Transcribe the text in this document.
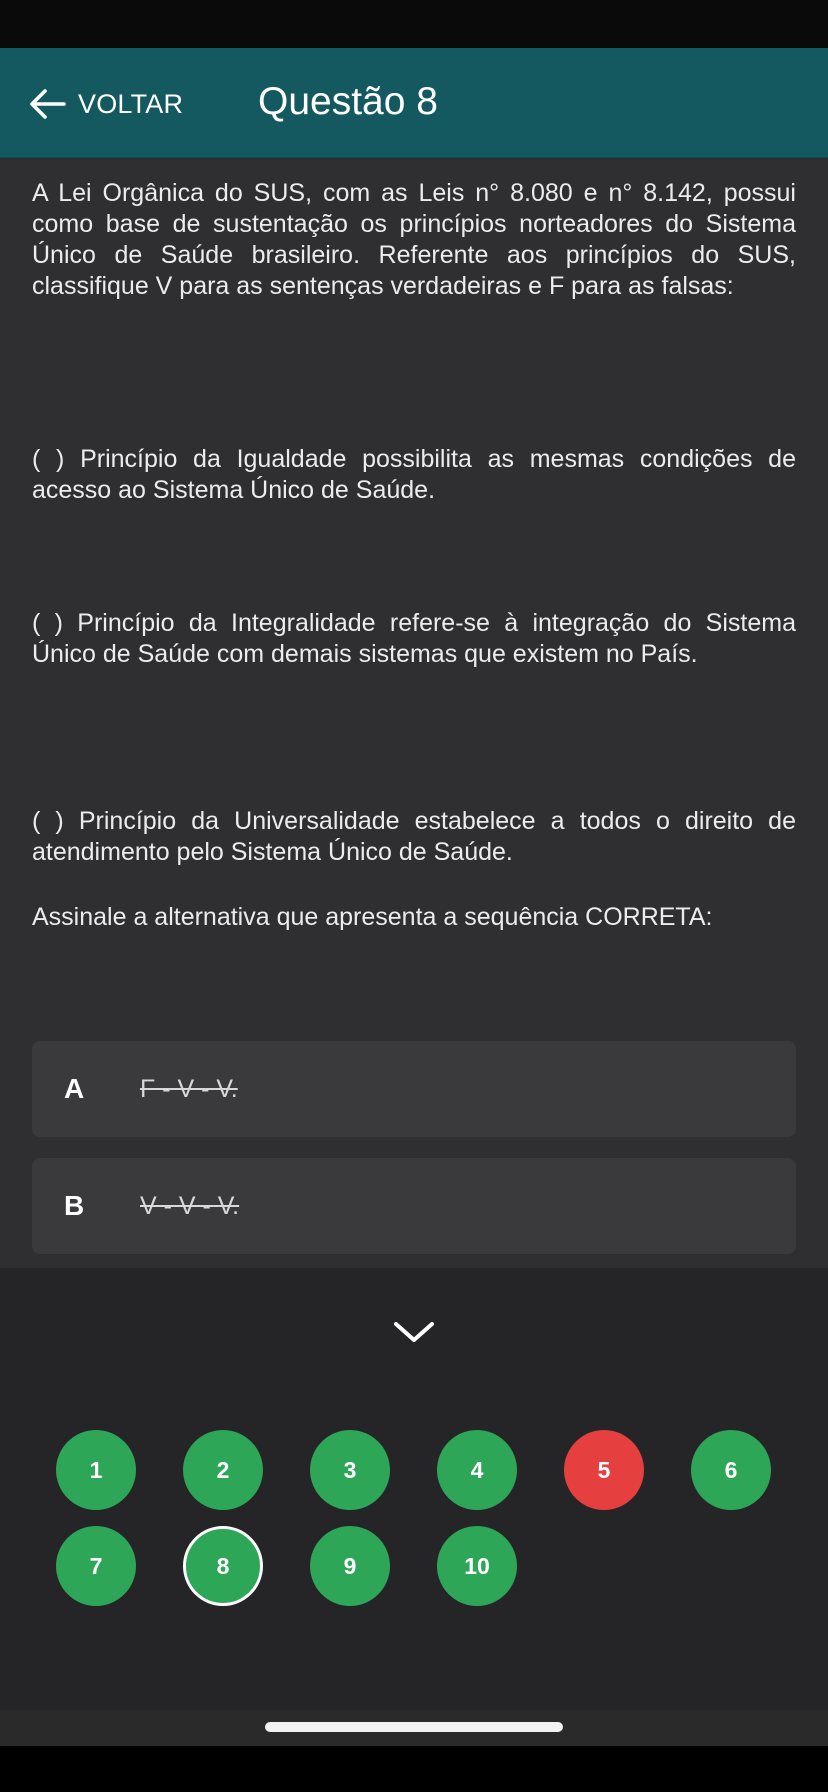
VOLTAR Questão 8

A Lei Orgânica do SUS, com as Leis n° 8.080 e n° 8.142, possui como base de sustentação os princípios norteadores do Sistema Único de Saúde brasileiro. Referente aos princípios do SUS, classifique V para as sentenças verdadeiras e F para as falsas:

( ) Princípio da Igualdade possibilita as mesmas condições de acesso ao Sistema Único de Saúde.

( ) Princípio da Integralidade refere-se à integração do Sistema Único de Saúde com demais sistemas que existem no País.

( ) Princípio da Universalidade estabelece a todos o direito de atendimento pelo Sistema Único de Saúde.

Assinale a alternativa que apresenta a sequência CORRETA:

A	F - V - V.
B	V - V - V.
1	2	3	4	5	6
7	8	9	10
